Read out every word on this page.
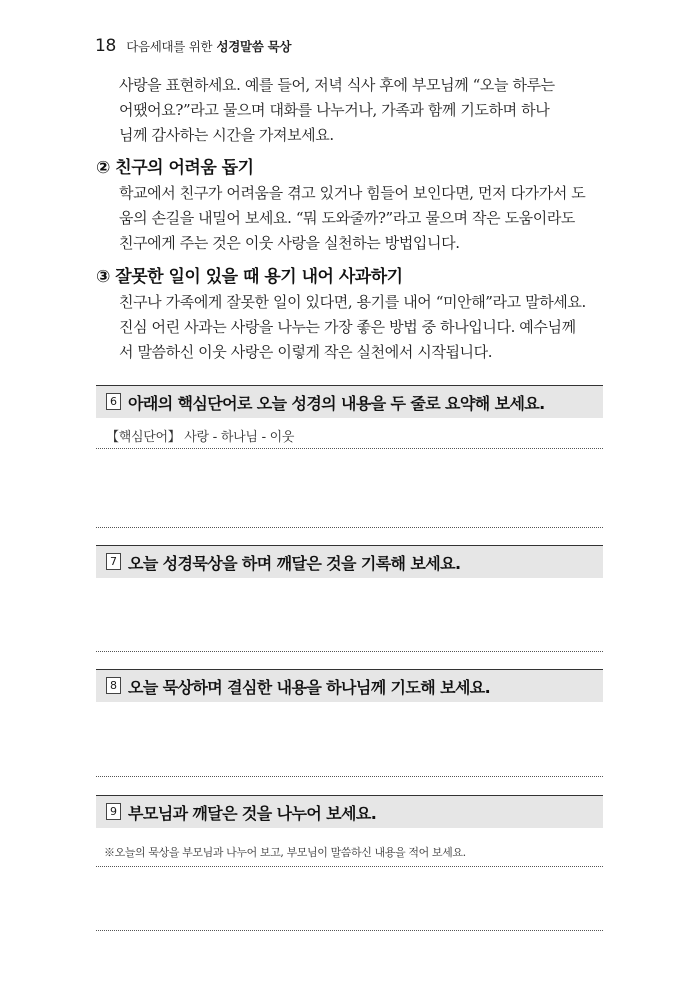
18 다음세대를 위한 성경말씀 묵상
사랑을 표현하세요. 예를 들어, 저녁 식사 후에 부모님께 “오늘 하루는
어땠어요?”라고 물으며 대화를 나누거나, 가족과 함께 기도하며 하나
님께 감사하는 시간을 가져보세요.
② 친구의 어려움 돕기
학교에서 친구가 어려움을 겪고 있거나 힘들어 보인다면, 먼저 다가가서 도
움의 손길을 내밀어 보세요. “뭐 도와줄까?”라고 물으며 작은 도움이라도
친구에게 주는 것은 이웃 사랑을 실천하는 방법입니다.
③ 잘못한 일이 있을 때 용기 내어 사과하기
친구나 가족에게 잘못한 일이 있다면, 용기를 내어 “미안해”라고 말하세요.
진심 어린 사과는 사랑을 나누는 가장 좋은 방법 중 하나입니다. 예수님께
서 말씀하신 이웃 사랑은 이렇게 작은 실천에서 시작됩니다.
6 아래의 핵심단어로 오늘 성경의 내용을 두 줄로 요약해 보세요.
【핵심단어】 사랑 - 하나님 - 이웃
7 오늘 성경묵상을 하며 깨달은 것을 기록해 보세요.
8 오늘 묵상하며 결심한 내용을 하나님께 기도해 보세요.
9 부모님과 깨달은 것을 나누어 보세요.
※오늘의 묵상을 부모님과 나누어 보고, 부모님이 말씀하신 내용을 적어 보세요.
